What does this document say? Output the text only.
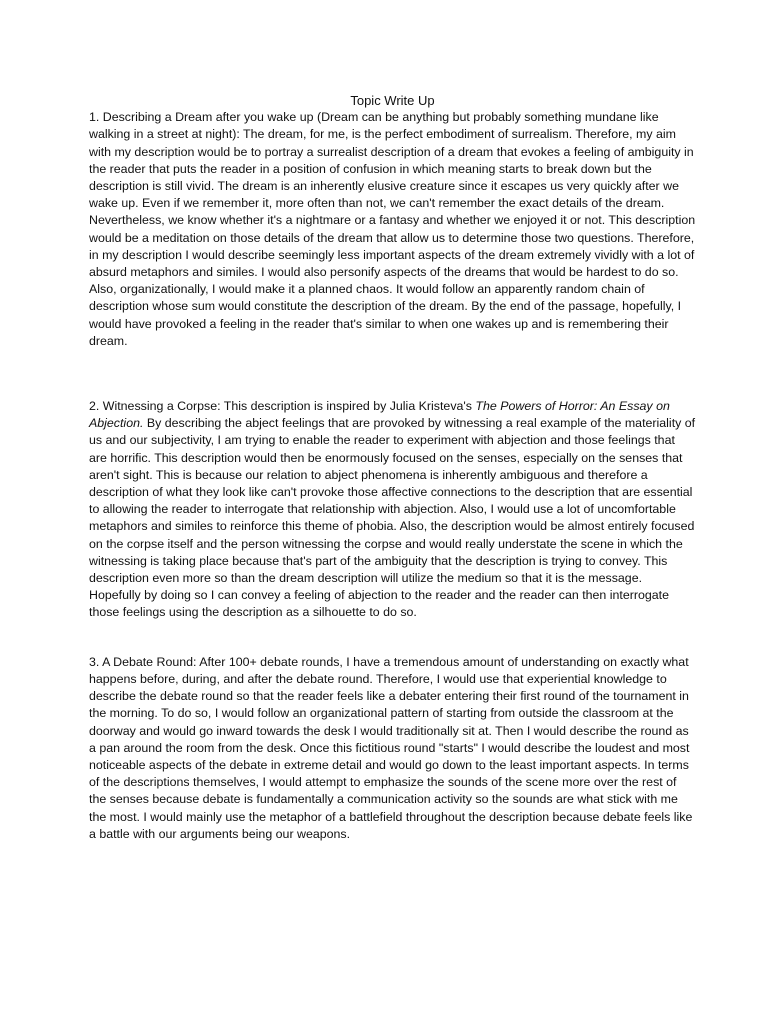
Topic Write Up

1. Describing a Dream after you wake up (Dream can be anything but probably something mundane like walking in a street at night): The dream, for me, is the perfect embodiment of surrealism. Therefore, my aim with my description would be to portray a surrealist description of a dream that evokes a feeling of ambiguity in the reader that puts the reader in a position of confusion in which meaning starts to break down but the description is still vivid. The dream is an inherently elusive creature since it escapes us very quickly after we wake up. Even if we remember it, more often than not, we can't remember the exact details of the dream. Nevertheless, we know whether it's a nightmare or a fantasy and whether we enjoyed it or not. This description would be a meditation on those details of the dream that allow us to determine those two questions. Therefore, in my description I would describe seemingly less important aspects of the dream extremely vividly with a lot of absurd metaphors and similes. I would also personify aspects of the dreams that would be hardest to do so. Also, organizationally, I would make it a planned chaos. It would follow an apparently random chain of description whose sum would constitute the description of the dream. By the end of the passage, hopefully, I would have provoked a feeling in the reader that's similar to when one wakes up and is remembering their dream.

2. Witnessing a Corpse: This description is inspired by Julia Kristeva's The Powers of Horror: An Essay on Abjection. By describing the abject feelings that are provoked by witnessing a real example of the materiality of us and our subjectivity, I am trying to enable the reader to experiment with abjection and those feelings that are horrific. This description would then be enormously focused on the senses, especially on the senses that aren't sight. This is because our relation to abject phenomena is inherently ambiguous and therefore a description of what they look like can't provoke those affective connections to the description that are essential to allowing the reader to interrogate that relationship with abjection. Also, I would use a lot of uncomfortable metaphors and similes to reinforce this theme of phobia. Also, the description would be almost entirely focused on the corpse itself and the person witnessing the corpse and would really understate the scene in which the witnessing is taking place because that's part of the ambiguity that the description is trying to convey. This description even more so than the dream description will utilize the medium so that it is the message. Hopefully by doing so I can convey a feeling of abjection to the reader and the reader can then interrogate those feelings using the description as a silhouette to do so.

3. A Debate Round: After 100+ debate rounds, I have a tremendous amount of understanding on exactly what happens before, during, and after the debate round. Therefore, I would use that experiential knowledge to describe the debate round so that the reader feels like a debater entering their first round of the tournament in the morning. To do so, I would follow an organizational pattern of starting from outside the classroom at the doorway and would go inward towards the desk I would traditionally sit at. Then I would describe the round as a pan around the room from the desk. Once this fictitious round "starts" I would describe the loudest and most noticeable aspects of the debate in extreme detail and would go down to the least important aspects. In terms of the descriptions themselves, I would attempt to emphasize the sounds of the scene more over the rest of the senses because debate is fundamentally a communication activity so the sounds are what stick with me the most. I would mainly use the metaphor of a battlefield throughout the description because debate feels like a battle with our arguments being our weapons.
